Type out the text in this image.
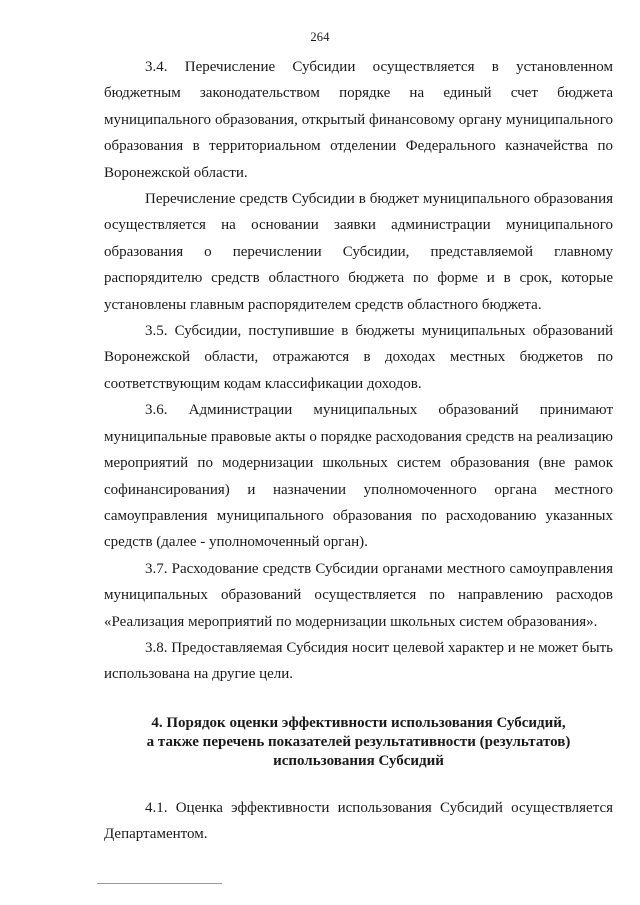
264

3.4. Перечисление Субсидии осуществляется в установленном бюджетным законодательством порядке на единый счет бюджета муниципального образования, открытый финансовому органу муниципального образования в территориальном отделении Федерального казначейства по Воронежской области.

Перечисление средств Субсидии в бюджет муниципального образования осуществляется на основании заявки администрации муниципального образования о перечислении Субсидии, представляемой главному распорядителю средств областного бюджета по форме и в срок, которые установлены главным распорядителем средств областного бюджета.

3.5. Субсидии, поступившие в бюджеты муниципальных образований Воронежской области, отражаются в доходах местных бюджетов по соответствующим кодам классификации доходов.

3.6. Администрации муниципальных образований принимают муниципальные правовые акты о порядке расходования средств на реализацию мероприятий по модернизации школьных систем образования (вне рамок софинансирования) и назначении уполномоченного органа местного самоуправления муниципального образования по расходованию указанных средств (далее - уполномоченный орган).

3.7. Расходование средств Субсидии органами местного самоуправления муниципальных образований осуществляется по направлению расходов «Реализация мероприятий по модернизации школьных систем образования».

3.8. Предоставляемая Субсидия носит целевой характер и не может быть использована на другие цели.

4. Порядок оценки эффективности использования Субсидий,
а также перечень показателей результативности (результатов)
использования Субсидий

4.1. Оценка эффективности использования Субсидий осуществляется Департаментом.
